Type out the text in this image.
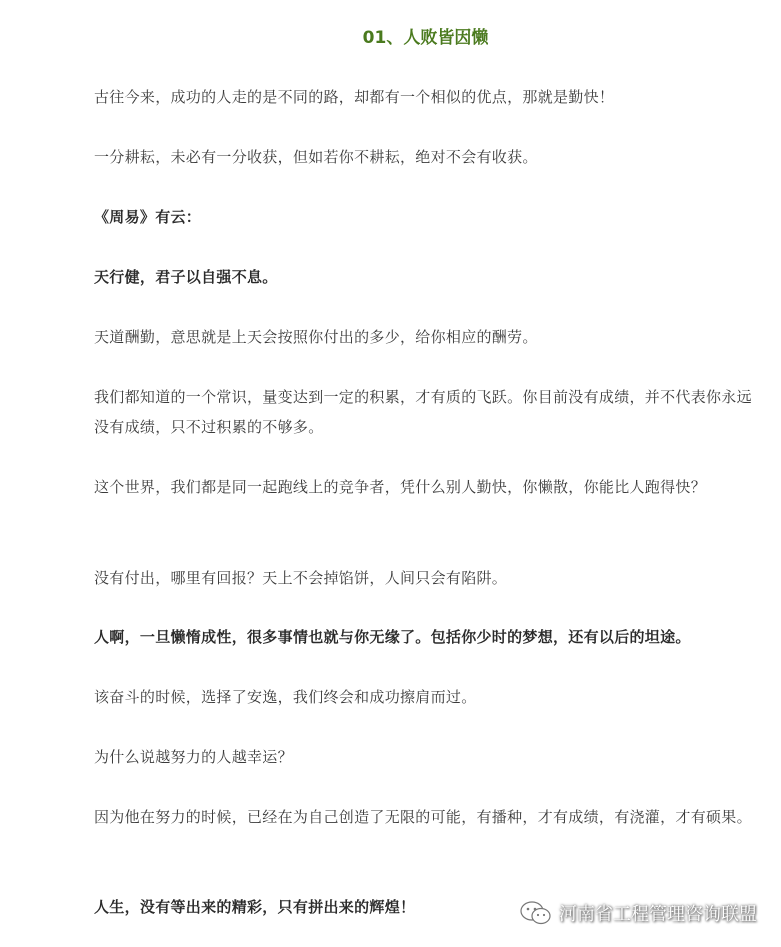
01、人败皆因懒

古往今来，成功的人走的是不同的路，却都有一个相似的优点，那就是勤快！

一分耕耘，未必有一分收获，但如若你不耕耘，绝对不会有收获。

《周易》有云：

天行健，君子以自强不息。

天道酬勤，意思就是上天会按照你付出的多少，给你相应的酬劳。

我们都知道的一个常识，量变达到一定的积累，才有质的飞跃。你目前没有成绩，并不代表你永远没有成绩，只不过积累的不够多。

这个世界，我们都是同一起跑线上的竞争者，凭什么别人勤快，你懒散，你能比人跑得快？

没有付出，哪里有回报？天上不会掉馅饼，人间只会有陷阱。

人啊，一旦懒惰成性，很多事情也就与你无缘了。包括你少时的梦想，还有以后的坦途。

该奋斗的时候，选择了安逸，我们终会和成功擦肩而过。

为什么说越努力的人越幸运？

因为他在努力的时候，已经在为自己创造了无限的可能，有播种，才有成绩，有浇灌，才有硕果。

人生，没有等出来的精彩，只有拼出来的辉煌！	河南省工程管理咨询联盟
